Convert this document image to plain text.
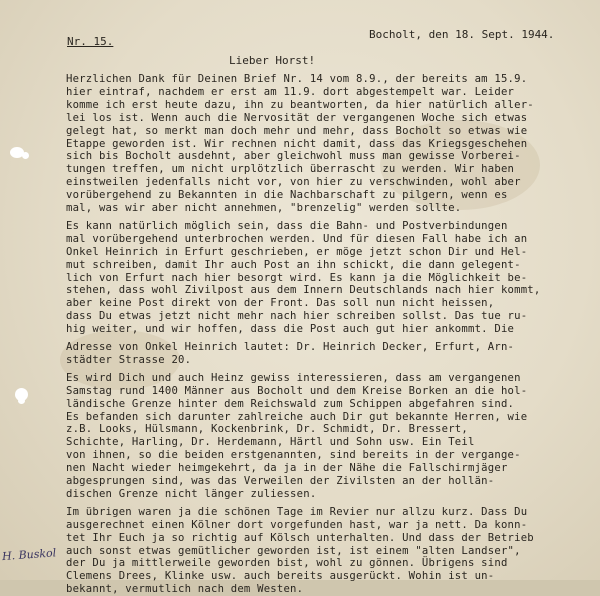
Nr. 15.
Bocholt, den 18. Sept. 1944.
Lieber Horst!
Herzlichen Dank für Deinen Brief Nr. 14 vom 8.9., der bereits am 15.9.
hier eintraf, nachdem er erst am 11.9. dort abgestempelt war. Leider
komme ich erst heute dazu, ihn zu beantworten, da hier natürlich aller-
lei los ist. Wenn auch die Nervosität der vergangenen Woche sich etwas
gelegt hat, so merkt man doch mehr und mehr, dass Bocholt so etwas wie
Etappe geworden ist. Wir rechnen nicht damit, dass das Kriegsgeschehen
sich bis Bocholt ausdehnt, aber gleichwohl muss man gewisse Vorberei-
tungen treffen, um nicht urplötzlich überrascht zu werden. Wir haben
einstweilen jedenfalls nicht vor, von hier zu verschwinden, wohl aber
vorübergehend zu Bekannten in die Nachbarschaft zu pilgern, wenn es
mal, was wir aber nicht annehmen, "brenzelig" werden sollte.
Es kann natürlich möglich sein, dass die Bahn- und Postverbindungen
mal vorübergehend unterbrochen werden. Und für diesen Fall habe ich an
Onkel Heinrich in Erfurt geschrieben, er möge jetzt schon Dir und Hel-
mut schreiben, damit Ihr auch Post an ihn schickt, die dann gelegent-
lich von Erfurt nach hier besorgt wird. Es kann ja die Möglichkeit be-
stehen, dass wohl Zivilpost aus dem Innern Deutschlands nach hier kommt,
aber keine Post direkt von der Front. Das soll nun nicht heissen,
dass Du etwas jetzt nicht mehr nach hier schreiben sollst. Das tue ru-
hig weiter, und wir hoffen, dass die Post auch gut hier ankommt. Die
Adresse von Onkel Heinrich lautet: Dr. Heinrich Decker, Erfurt, Arn-
städter Strasse 20.
Es wird Dich und auch Heinz gewiss interessieren, dass am vergangenen
Samstag rund 1400 Männer aus Bocholt und dem Kreise Borken an die hol-
ländische Grenze hinter dem Reichswald zum Schippen abgefahren sind.
Es befanden sich darunter zahlreiche auch Dir gut bekannte Herren, wie
z.B. Looks, Hülsmann, Kockenbrink, Dr. Schmidt, Dr. Bressert,
Schichte, Harling, Dr. Herdemann, Härtl und Sohn usw. Ein Teil
von ihnen, so die beiden erstgenannten, sind bereits in der vergange-
nen Nacht wieder heimgekehrt, da ja in der Nähe die Fallschirmjäger
abgesprungen sind, was das Verweilen der Zivilsten an der hollän-
dischen Grenze nicht länger zuliessen.
Im übrigen waren ja die schönen Tage im Revier nur allzu kurz. Dass Du
ausgerechnet einen Kölner dort vorgefunden hast, war ja nett. Da konn-
tet Ihr Euch ja so richtig auf Kölsch unterhalten. Und dass der Betrieb
auch sonst etwas gemütlicher geworden ist, ist einem "alten Landser",
der Du ja mittlerweile geworden bist, wohl zu gönnen. Übrigens sind
Clemens Drees, Klinke usw. auch bereits ausgerückt. Wohin ist un-
bekannt, vermutlich nach dem Westen.
H. Buskol
